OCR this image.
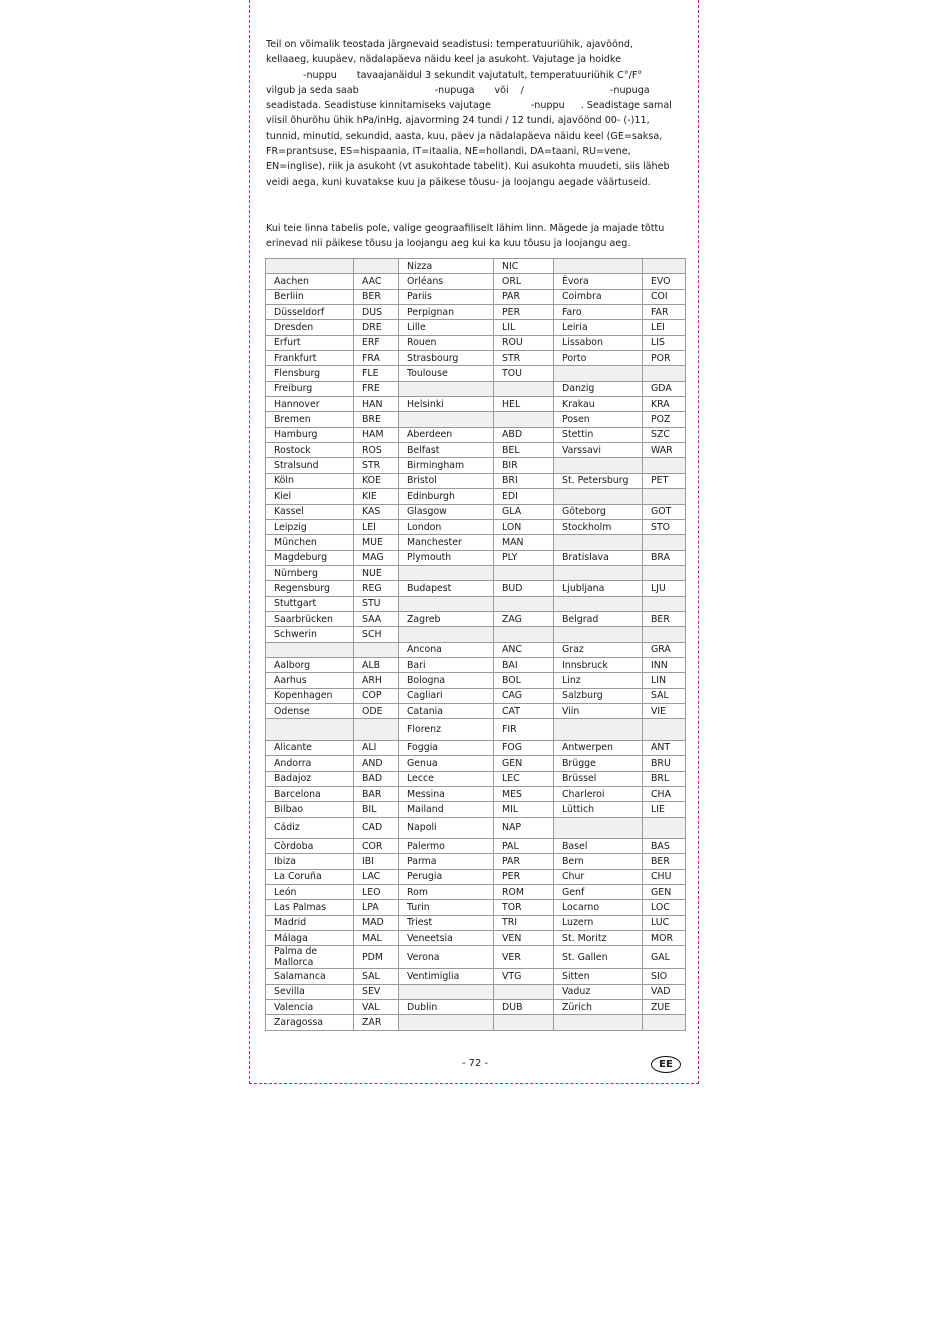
Teil on võimalik teostada järgnevaid seadistusi: temperatuuriühik, ajavöönd,
kellaaeg, kuupäev, nädalapäeva näidu keel ja asukoht. Vajutage ja hoidke
-nuppu tavaajanäidul 3 sekundit vajutatult, temperatuuriühik C°/F°
vilgub ja seda saab	-nupuga või /	-nupuga
seadistada. Seadistuse kinnitamiseks vajutage	-nuppu . Seadistage samal
viisil õhurõhu ühik hPa/inHg, ajavorming 24 tundi / 12 tundi, ajavöönd 00- (-)11,
tunnid, minutid, sekundid, aasta, kuu, päev ja nädalapäeva näidu keel (GE=saksa,
FR=prantsuse, ES=hispaania, IT=itaalia, NE=hollandi, DA=taani, RU=vene,
EN=inglise), riik ja asukoht (vt asukohtade tabelit). Kui asukohta muudeti, siis läheb
veidi aega, kuni kuvatakse kuu ja päikese tõusu- ja loojangu aegade väärtuseid.

Kui teie linna tabelis pole, valige geograafiliselt lähim linn. Mägede ja majade tõttu
erinevad nii päikese tõusu ja loojangu aeg kui ka kuu tõusu ja loojangu aeg.

		Nizza	NIC		
Aachen	AAC	Orléans	ORL	Èvora	EVO
Berliin	BER	Pariis	PAR	Coimbra	COI
Düsseldorf	DUS	Perpignan	PER	Faro	FAR
Dresden	DRE	Lille	LIL	Leiria	LEI
Erfurt	ERF	Rouen	ROU	Lissabon	LIS
Frankfurt	FRA	Strasbourg	STR	Porto	POR
Flensburg	FLE	Toulouse	TOU		
Freiburg	FRE			Danzig	GDA
Hannover	HAN	Helsinki	HEL	Krakau	KRA
Bremen	BRE			Posen	POZ
Hamburg	HAM	Aberdeen	ABD	Stettin	SZC
Rostock	ROS	Belfast	BEL	Varssavi	WAR
Stralsund	STR	Birmingham	BIR		
Köln	KOE	Bristol	BRI	St. Petersburg	PET
Kiel	KIE	Edinburgh	EDI		
Kassel	KAS	Glasgow	GLA	Göteborg	GOT
Leipzig	LEI	London	LON	Stockholm	STO
München	MUE	Manchester	MAN		
Magdeburg	MAG	Plymouth	PLY	Bratislava	BRA
Nürnberg	NUE				
Regensburg	REG	Budapest	BUD	Ljubljana	LJU
Stuttgart	STU				
Saarbrücken	SAA	Zagreb	ZAG	Belgrad	BER
Schwerin	SCH				
		Ancona	ANC	Graz	GRA
Aalborg	ALB	Bari	BAI	Innsbruck	INN
Aarhus	ARH	Bologna	BOL	Linz	LIN
Kopenhagen	COP	Cagliari	CAG	Salzburg	SAL
Odense	ODE	Catania	CAT	Viin	VIE
		Florenz	FIR		
Alicante	ALI	Foggia	FOG	Antwerpen	ANT
Andorra	AND	Genua	GEN	Brügge	BRU
Badajoz	BAD	Lecce	LEC	Brüssel	BRL
Barcelona	BAR	Messina	MES	Charleroi	CHA
Bilbao	BIL	Mailand	MIL	Lüttich	LIE
Cádiz	CAD	Napoli	NAP		
Còrdoba	COR	Palermo	PAL	Basel	BAS
Ibiza	IBI	Parma	PAR	Bern	BER
La Coruña	LAC	Perugia	PER	Chur	CHU
León	LEO	Rom	ROM	Genf	GEN
Las Palmas	LPA	Turin	TOR	Locarno	LOC
Madrid	MAD	Triest	TRI	Luzern	LUC
Málaga	MAL	Veneetsia	VEN	St. Moritz	MOR
Palma de Mallorca	PDM	Verona	VER	St. Gallen	GAL
Salamanca	SAL	Ventimiglia	VTG	Sitten	SIO
Sevilla	SEV			Vaduz	VAD
Valencia	VAL	Dublin	DUB	Zürich	ZUE
Zaragossa	ZAR				
- 72 -	EE
